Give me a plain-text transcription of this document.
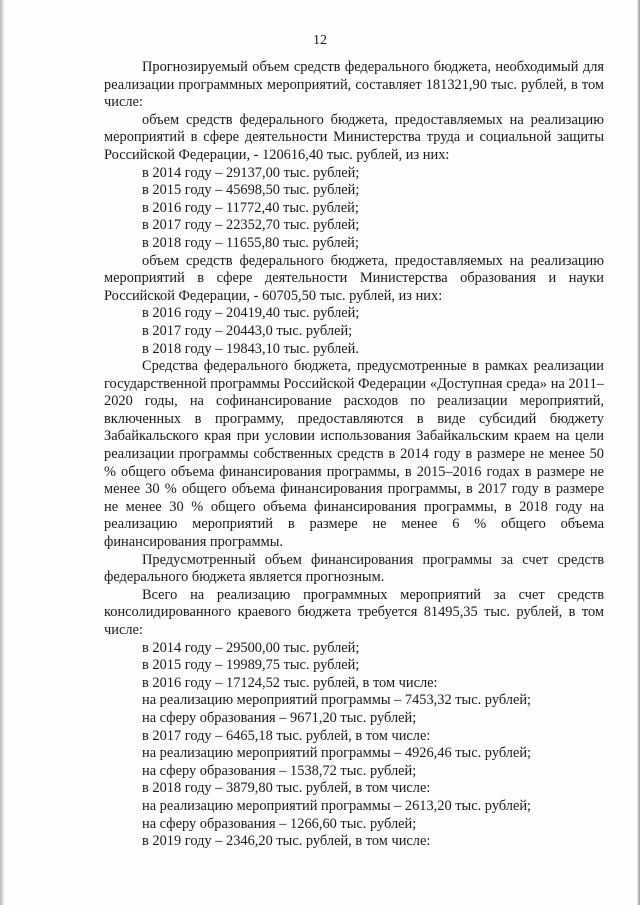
12

Прогнозируемый объем средств федерального бюджета, необходимый для реализации программных мероприятий, составляет 181321,90 тыс. рублей, в том числе:

объем средств федерального бюджета, предоставляемых на реализацию мероприятий в сфере деятельности Министерства труда и социальной защиты Российской Федерации, - 120616,40 тыс. рублей, из них:

в 2014 году – 29137,00 тыс. рублей;

в 2015 году – 45698,50 тыс. рублей;

в 2016 году – 11772,40 тыс. рублей;

в 2017 году – 22352,70 тыс. рублей;

в 2018 году – 11655,80 тыс. рублей;

объем средств федерального бюджета, предоставляемых на реализацию мероприятий в сфере деятельности Министерства образования и науки Российской Федерации, - 60705,50 тыс. рублей, из них:

в 2016 году – 20419,40 тыс. рублей;

в 2017 году – 20443,0 тыс. рублей;

в 2018 году – 19843,10 тыс. рублей.

Средства федерального бюджета, предусмотренные в рамках реализации государственной программы Российской Федерации «Доступная среда» на 2011–2020 годы, на софинансирование расходов по реализации мероприятий, включенных в программу, предоставляются в виде субсидий бюджету Забайкальского края при условии использования Забайкальским краем на цели реализации программы собственных средств в 2014 году в размере не менее 50 % общего объема финансирования программы, в 2015–2016 годах в размере не менее 30 % общего объема финансирования программы, в 2017 году в размере не менее 30 % общего объема финансирования программы, в 2018 году на реализацию мероприятий в размере не менее 6 % общего объема финансирования программы.

Предусмотренный объем финансирования программы за счет средств федерального бюджета является прогнозным.

Всего на реализацию программных мероприятий за счет средств консолидированного краевого бюджета требуется 81495,35 тыс. рублей, в том числе:

в 2014 году – 29500,00 тыс. рублей;

в 2015 году – 19989,75 тыс. рублей;

в 2016 году – 17124,52 тыс. рублей, в том числе:

на реализацию мероприятий программы – 7453,32 тыс. рублей;

на сферу образования – 9671,20 тыс. рублей;

в 2017 году – 6465,18 тыс. рублей, в том числе:

на реализацию мероприятий программы – 4926,46 тыс. рублей;

на сферу образования – 1538,72 тыс. рублей;

в 2018 году – 3879,80 тыс. рублей, в том числе:

на реализацию мероприятий программы – 2613,20 тыс. рублей;

на сферу образования – 1266,60 тыс. рублей;

в 2019 году – 2346,20 тыс. рублей, в том числе:
